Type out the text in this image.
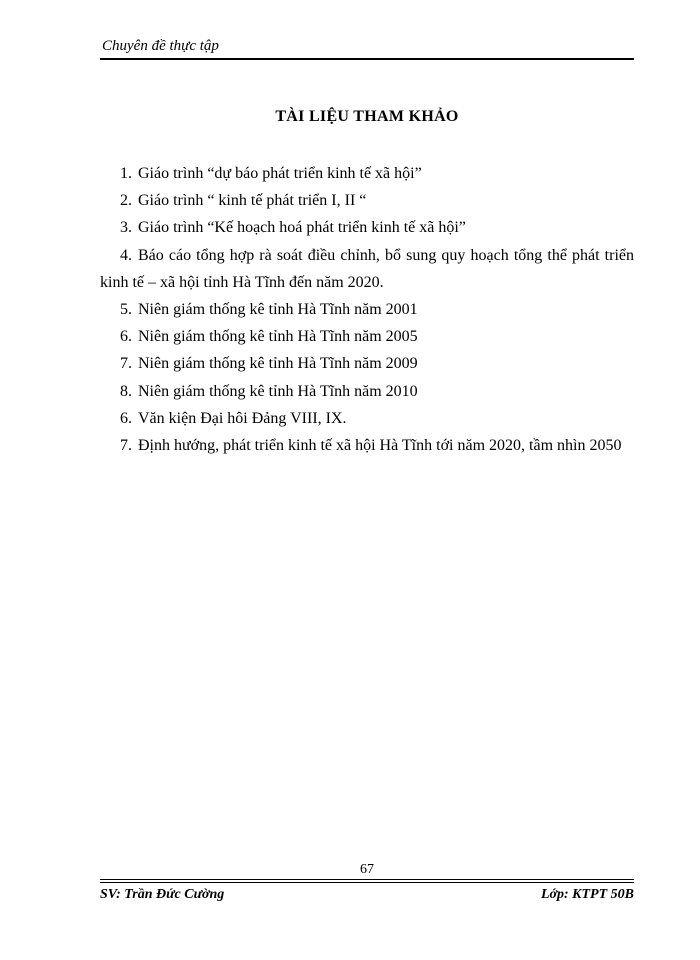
Chuyên đề thực tập
TÀI LIỆU THAM KHẢO
1. Giáo trình “dự báo phát triển kinh tế xã hội”
2. Giáo trình “ kinh tế phát triển I, II “
3. Giáo trình “Kế hoạch hoá phát triển kinh tế xã hội”
4. Báo cáo tổng hợp rà soát điều chỉnh, bổ sung quy hoạch tổng thể phát triển kinh tế – xã hội tỉnh Hà Tĩnh đến năm 2020.
5. Niên giám thống kê tỉnh Hà Tĩnh năm 2001
6. Niên giám thống kê tỉnh Hà Tĩnh năm 2005
7. Niên giám thống kê tỉnh Hà Tĩnh năm 2009
8. Niên giám thống kê tỉnh Hà Tĩnh năm 2010
6. Văn kiện Đại hôi Đảng VIII, IX.
7. Định hướng, phát triển kinh tế xã hội Hà Tĩnh tới năm 2020, tầm nhìn 2050
67
SV: Trần Đức Cường	Lớp: KTPT 50B
